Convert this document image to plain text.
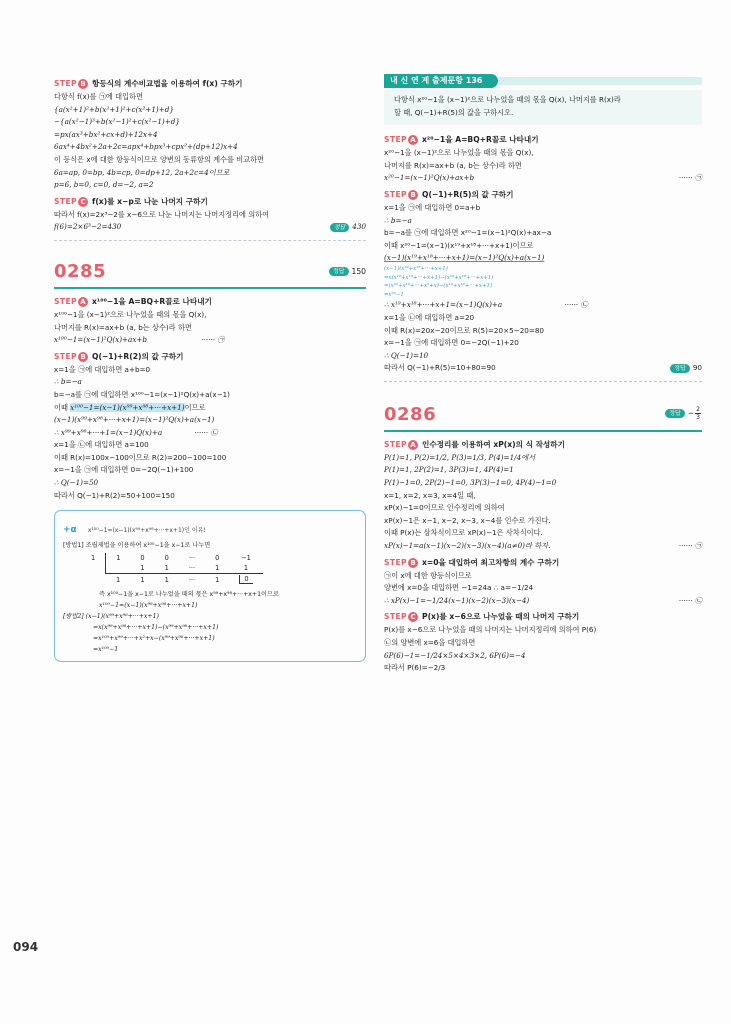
STEP B 항등식의 계수비교법을 이용하여 f(x) 구하기
다항식 f(x)를 ㉠에 대입하면
{a(x²+1)²+b(x²+1)²+c(x²+1)+d}
−{a(x²−1)³+b(x²−1)²+c(x²−1)+d}
=px(ax³+bx²+cx+d)+12x+4
6ax⁴+4bx²+2a+2c=apx⁴+bpx³+cpx²+(dp+12)x+4
이 등식은 x에 대한 항등식이므로 양변의 동류항의 계수를 비교하면
6a=ap, 0=bp, 4b=cp, 0=dp+12, 2a+2c=4이므로
p=6, b=0, c=0, d=−2, a=2
STEP C f(x)를 x−p로 나눈 나머지 구하기
따라서 f(x)=2x³−2를 x−6으로 나눈 나머지는 나머지정리에 의하여
f(6)=2×6³−2=430	정답 430
0285	정답 150
STEP A x¹⁰⁰−1을 A=BQ+R꼴로 나타내기
x¹⁰⁰−1을 (x−1)²으로 나누었을 때의 몫을 Q(x),
나머지를 R(x)=ax+b (a, b는 상수)라 하면
x¹⁰⁰−1=(x−1)²Q(x)+ax+b	······ ㉠
STEP B Q(−1)+R(2)의 값 구하기
x=1을 ㉠에 대입하면 a+b=0
∴ b=−a
b=−a를 ㉠에 대입하면 x¹⁰⁰−1=(x−1)²Q(x)+a(x−1)
이때 x¹⁰⁰−1=(x−1)(x⁹⁹+x⁹⁸+···+x+1)이므로
(x−1)(x⁹⁹+x⁹⁸+···+x+1)=(x−1)²Q(x)+a(x−1)
∴ x⁹⁹+x⁹⁸+···+1=(x−1)Q(x)+a	······ ㉡
x=1을 ㉡에 대입하면 a=100
이때 R(x)=100x−100이므로 R(2)=200−100=100
x=−1을 ㉠에 대입하면 0=−2Q(−1)+100
∴ Q(−1)=50
따라서 Q(−1)+R(2)=50+100=150
+α x¹⁰⁰−1=(x−1)(x⁹⁹+x⁹⁸+···+x+1)인 이유!
[방법1] 조립제법을 이용하여 x¹⁰⁰−1을 x−1로 나누면
1	1	0	0	···	0	−1
		1	1	···	1	1
	1	1	1	···	1	0
즉 x¹⁰⁰−1을 x−1로 나누었을 때의 몫은 x⁹⁹+x⁹⁸+···+x+1이므로
x¹⁰⁰−1=(x−1)(x⁹⁹+x⁹⁸+···+x+1)
[방법2] (x−1)(x⁹⁹+x⁹⁸+···+x+1)
=x(x⁹⁹+x⁹⁸+···+x+1)−(x⁹⁹+x⁹⁸+···+x+1)
=x¹⁰⁰+x⁹⁹+···+x²+x−(x⁹⁹+x⁹⁸+···+x+1)
=x¹⁰⁰−1
내 신 연 계 출제문항 136
다항식 x²⁰−1을 (x−1)²으로 나누었을 때의 몫을 Q(x), 나머지를 R(x)라
할 때, Q(−1)+R(5)의 값을 구하시오.
STEP A x²⁰−1을 A=BQ+R꼴로 나타내기
x²⁰−1을 (x−1)²으로 나누었을 때의 몫을 Q(x),
나머지를 R(x)=ax+b (a, b는 상수)라 하면
x²⁰−1=(x−1)²Q(x)+ax+b	······ ㉠
STEP B Q(−1)+R(5)의 값 구하기
x=1을 ㉠에 대입하면 0=a+b
∴ b=−a
b=−a를 ㉠에 대입하면 x²⁰−1=(x−1)²Q(x)+ax−a
이때 x²⁰−1=(x−1)(x¹⁹+x¹⁸+···+x+1)이므로
(x−1)(x¹⁹+x¹⁸+···+x+1)=(x−1)²Q(x)+a(x−1)
(x−1)(x¹⁹+x¹⁸+···+x+1)
=x(x¹⁹+x¹⁸+···+x+1)−(x¹⁹+x¹⁸+···+x+1)
=(x²⁰+x¹⁹+···+x²+x)−(x¹⁹+x¹⁸+···+x+1)
=x²⁰−1
∴ x¹⁹+x¹⁸+···+x+1=(x−1)Q(x)+a	······ ㉡
x=1을 ㉡에 대입하면 a=20
이때 R(x)=20x−20이므로 R(5)=20×5−20=80
x=−1을 ㉠에 대입하면 0=−2Q(−1)+20
∴ Q(−1)=10
따라서 Q(−1)+R(5)=10+80=90	정답 90
0286	정답 − $\frac{2}{3}$
STEP A 인수정리를 이용하여 xP(x)의 식 작성하기
P(1)=1, P(2)=1/2, P(3)=1/3, P(4)=1/4에서
P(1)=1, 2P(2)=1, 3P(3)=1, 4P(4)=1
P(1)−1=0, 2P(2)−1=0, 3P(3)−1=0, 4P(4)−1=0
x=1, x=2, x=3, x=4일 때,
xP(x)−1=0이므로 인수정리에 의하여
xP(x)−1은 x−1, x−2, x−3, x−4를 인수로 가진다.
이때 P(x)는 삼차식이므로 xP(x)−1은 사차식이다.
xP(x)−1=a(x−1)(x−2)(x−3)(x−4)(a≠0)라 하자.	······ ㉠
STEP B x=0을 대입하여 최고차항의 계수 구하기
㉠이 x에 대한 항등식이므로
양변에 x=0을 대입하면 −1=24a ∴ a=−1/24
∴ xP(x)−1=−1/24(x−1)(x−2)(x−3)(x−4)	······ ㉡
STEP C P(x)를 x−6으로 나누었을 때의 나머지 구하기
P(x)를 x−6으로 나누었을 때의 나머지는 나머지정리에 의하여 P(6)
㉡의 양변에 x=6을 대입하면
6P(6)−1=−1/24×5×4×3×2, 6P(6)=−4
따라서 P(6)=−2/3
094
